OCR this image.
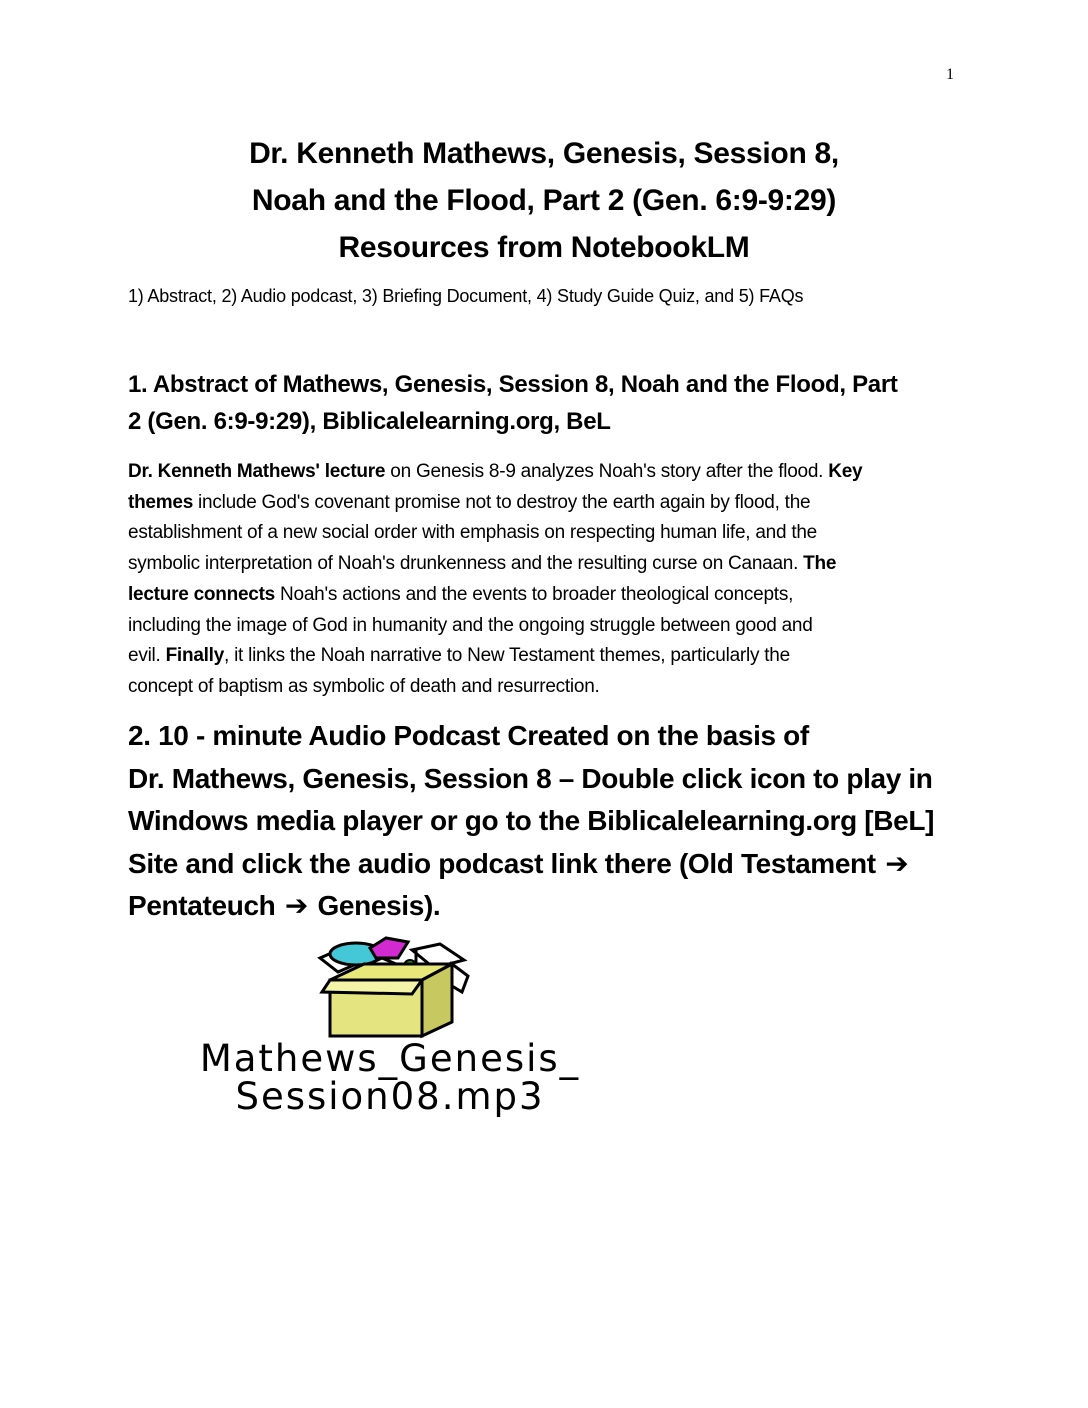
1
Dr. Kenneth Mathews, Genesis, Session 8,
Noah and the Flood, Part 2 (Gen. 6:9-9:29)
Resources from NotebookLM
1) Abstract, 2) Audio podcast, 3) Briefing Document, 4) Study Guide Quiz, and 5) FAQs
1. Abstract of Mathews, Genesis, Session 8, Noah and the Flood, Part
2 (Gen. 6:9-9:29), Biblicalelearning.org, BeL
Dr. Kenneth Mathews' lecture on Genesis 8-9 analyzes Noah's story after the flood. Key
themes include God's covenant promise not to destroy the earth again by flood, the
establishment of a new social order with emphasis on respecting human life, and the
symbolic interpretation of Noah's drunkenness and the resulting curse on Canaan. The
lecture connects Noah's actions and the events to broader theological concepts,
including the image of God in humanity and the ongoing struggle between good and
evil. Finally, it links the Noah narrative to New Testament themes, particularly the
concept of baptism as symbolic of death and resurrection.
2. 10 - minute Audio Podcast Created on the basis of
Dr. Mathews, Genesis, Session 8 – Double click icon to play in
Windows media player or go to the Biblicalelearning.org [BeL]
Site and click the audio podcast link there (Old Testament ➔
Pentateuch ➔ Genesis).
Mathews_Genesis_
Session08.mp3
